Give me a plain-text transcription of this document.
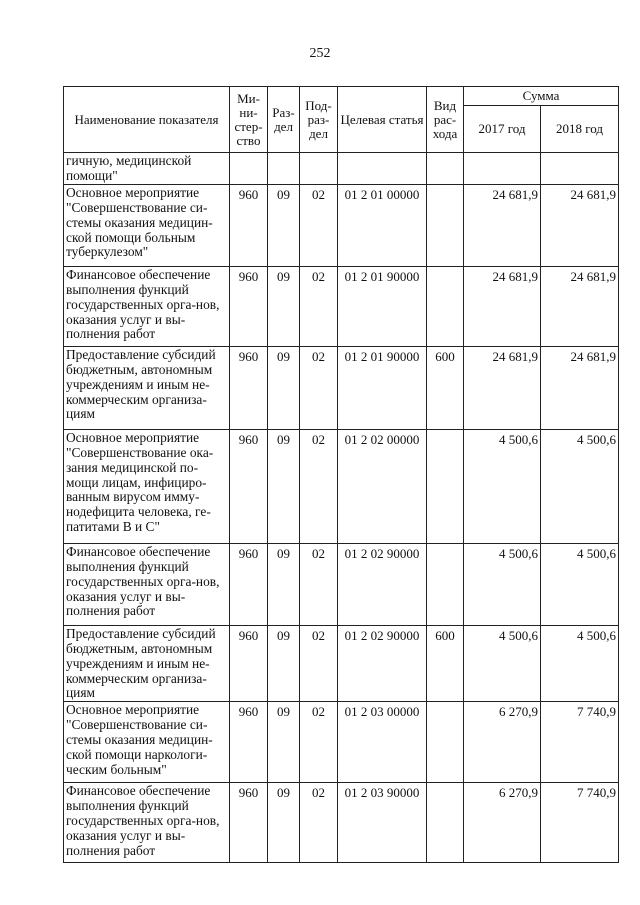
252
Наименование показателя	Ми-ни-стер-ство	Раз-дел	Под-раз-дел	Целевая статья	Вид рас-хода	Сумма	
						2017 год	2018 год
гичную, медицинской помощи"							
Основное мероприятие "Совершенствование си-стемы оказания медицин-ской помощи больным туберкулезом"	960	09	02	01 2 01 00000		24 681,9	24 681,9
Финансовое обеспечение выполнения функций государственных орга-нов, оказания услуг и вы-полнения работ	960	09	02	01 2 01 90000		24 681,9	24 681,9
Предоставление субсидий бюджетным, автономным учреждениям и иным не-коммерческим организа-циям	960	09	02	01 2 01 90000	600	24 681,9	24 681,9
Основное мероприятие "Совершенствование ока-зания медицинской по-мощи лицам, инфициро-ванным вирусом имму-нодефицита человека, ге-патитами В и С"	960	09	02	01 2 02 00000		4 500,6	4 500,6
Финансовое обеспечение выполнения функций государственных орга-нов, оказания услуг и вы-полнения работ	960	09	02	01 2 02 90000		4 500,6	4 500,6
Предоставление субсидий бюджетным, автономным учреждениям и иным не-коммерческим организа-циям	960	09	02	01 2 02 90000	600	4 500,6	4 500,6
Основное мероприятие "Совершенствование си-стемы оказания медицин-ской помощи наркологи-ческим больным"	960	09	02	01 2 03 00000		6 270,9	7 740,9
Финансовое обеспечение выполнения функций государственных орга-нов, оказания услуг и вы-полнения работ	960	09	02	01 2 03 90000		6 270,9	7 740,9
